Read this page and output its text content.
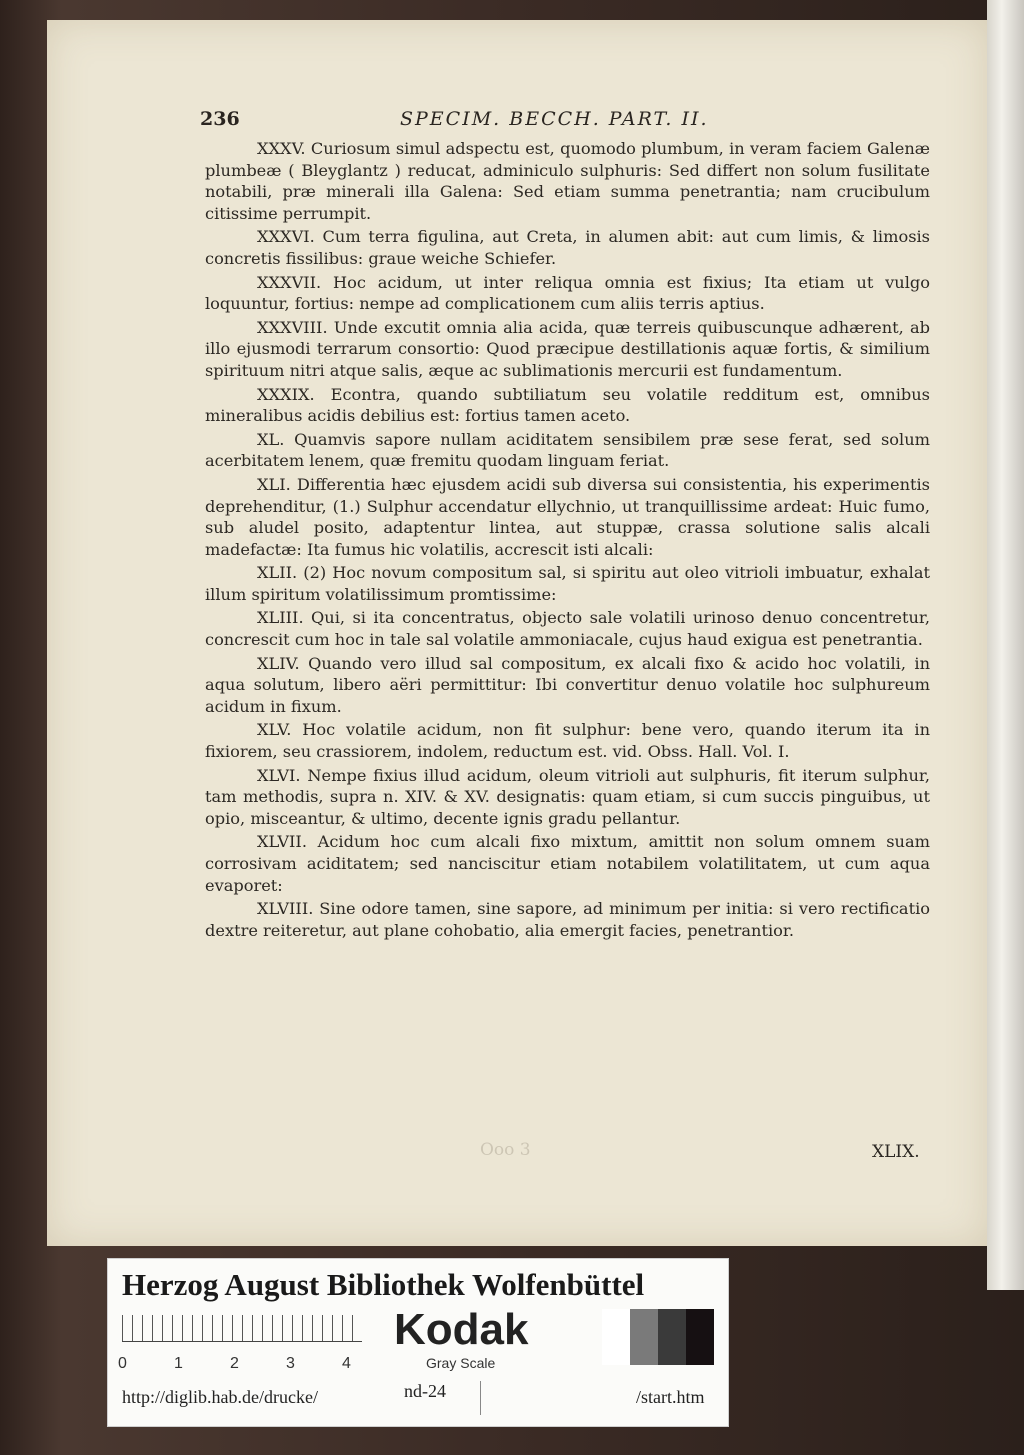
236	SPECIM. BECCH. PART. II.

XXXV. Curiosum simul adspectu est, quomodo plumbum, in veram faciem Galenæ plumbeæ ( Bleyglantz ) reducat, adminiculo sulphuris: Sed differt non solum fusilitate notabili, præ minerali illa Galena: Sed etiam summa penetrantia; nam crucibulum citissime perrumpit.

XXXVI. Cum terra figulina, aut Creta, in alumen abit: aut cum limis, & limosis concretis fissilibus: graue weiche Schiefer.

XXXVII. Hoc acidum, ut inter reliqua omnia est fixius; Ita etiam ut vulgo loquuntur, fortius: nempe ad complicationem cum aliis terris aptius.

XXXVIII. Unde excutit omnia alia acida, quæ terreis quibuscunque adhærent, ab illo ejusmodi terrarum consortio: Quod præcipue destillationis aquæ fortis, & similium spirituum nitri atque salis, æque ac sublimationis mercurii est fundamentum.

XXXIX. Econtra, quando subtiliatum seu volatile redditum est, omnibus mineralibus acidis debilius est: fortius tamen aceto.

XL. Quamvis sapore nullam aciditatem sensibilem præ sese ferat, sed solum acerbitatem lenem, quæ fremitu quodam linguam feriat.

XLI. Differentia hæc ejusdem acidi sub diversa sui consistentia, his experimentis deprehenditur, (1.) Sulphur accendatur ellychnio, ut tranquillissime ardeat: Huic fumo, sub aludel posito, adaptentur lintea, aut stuppæ, crassa solutione salis alcali madefactæ: Ita fumus hic volatilis, accrescit isti alcali:

XLII. (2) Hoc novum compositum sal, si spiritu aut oleo vitrioli imbuatur, exhalat illum spiritum volatilissimum promtissime:

XLIII. Qui, si ita concentratus, objecto sale volatili urinoso denuo concentretur, concrescit cum hoc in tale sal volatile ammoniacale, cujus haud exigua est penetrantia.

XLIV. Quando vero illud sal compositum, ex alcali fixo & acido hoc volatili, in aqua solutum, libero aëri permittitur: Ibi convertitur denuo volatile hoc sulphureum acidum in fixum.

XLV. Hoc volatile acidum, non fit sulphur: bene vero, quando iterum ita in fixiorem, seu crassiorem, indolem, reductum est. vid. Obss. Hall. Vol. I.

XLVI. Nempe fixius illud acidum, oleum vitrioli aut sulphuris, fit iterum sulphur, tam methodis, supra n. XIV. & XV. designatis: quam etiam, si cum succis pinguibus, ut opio, misceantur, & ultimo, decente ignis gradu pellantur.

XLVII. Acidum hoc cum alcali fixo mixtum, amittit non solum omnem suam corrosivam aciditatem; sed nanciscitur etiam notabilem volatilitatem, ut cum aqua evaporet:

XLVIII. Sine odore tamen, sine sapore, ad minimum per initia: si vero rectificatio dextre reiteretur, aut plane cohobatio, alia emergit facies, penetrantior.

Ooo 3	XLIX.
Herzog August Bibliothek Wolfenbüttel
0	1	2	3	4
Kodak
Gray Scale
http://diglib.hab.de/drucke/	nd-24	/start.htm
